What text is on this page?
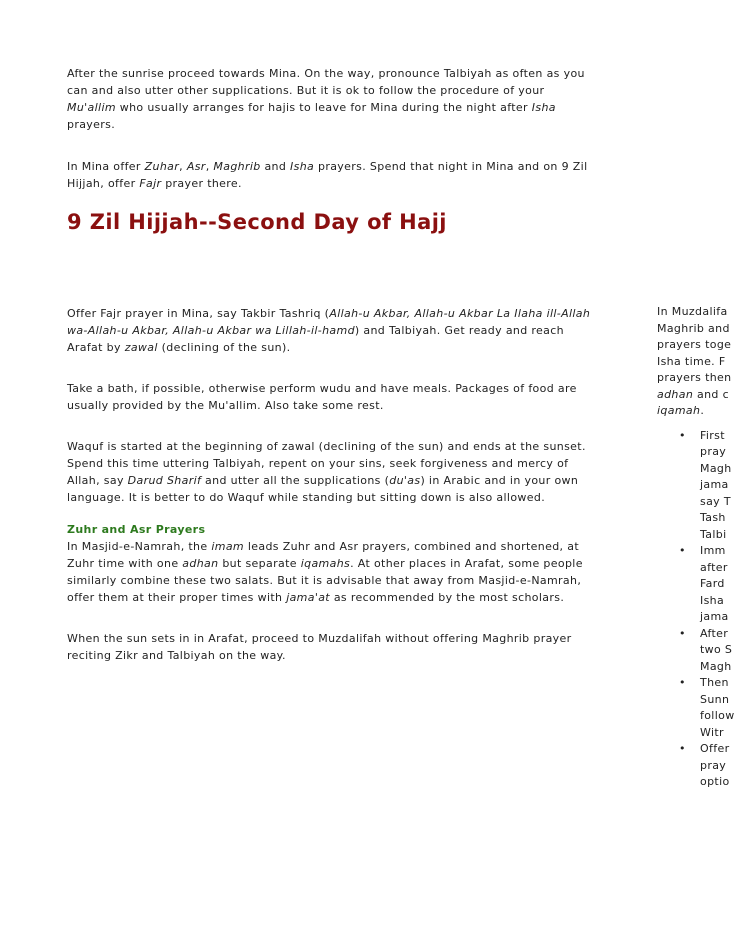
After the sunrise proceed towards Mina. On the way, pronounce Talbiyah as often as you can and also utter other supplications. But it is ok to follow the procedure of your Mu'allim who usually arranges for hajis to leave for Mina during the night after Isha prayers.

In Mina offer Zuhar, Asr, Maghrib and Isha prayers. Spend that night in Mina and on 9 Zil Hijjah, offer Fajr prayer there.

9 Zil Hijjah--Second Day of Hajj

Offer Fajr prayer in Mina, say Takbir Tashriq (Allah-u Akbar, Allah-u Akbar La Ilaha ill-Allah wa-Allah-u Akbar, Allah-u Akbar wa Lillah-il-hamd) and Talbiyah. Get ready and reach Arafat by zawal (declining of the sun).

Take a bath, if possible, otherwise perform wudu and have meals. Packages of food are usually provided by the Mu'allim. Also take some rest.

Waquf is started at the beginning of zawal (declining of the sun) and ends at the sunset. Spend this time uttering Talbiyah, repent on your sins, seek forgiveness and mercy of Allah, say Darud Sharif and utter all the supplications (du'as) in Arabic and in your own language. It is better to do Waquf while standing but sitting down is also allowed.

Zuhr and Asr Prayers

In Masjid-e-Namrah, the imam leads Zuhr and Asr prayers, combined and shortened, at Zuhr time with one adhan but separate iqamahs. At other places in Arafat, some people similarly combine these two salats. But it is advisable that away from Masjid-e-Namrah, offer them at their proper times with jama'at as recommended by the most scholars.

When the sun sets in in Arafat, proceed to Muzdalifah without offering Maghrib prayer reciting Zikr and Talbiyah on the way.

In Muzdalifa
Maghrib and
prayers toge
Isha time. F
prayers then
adhan and c
iqamah.
• First
pray
Magh
jama
say T
Tash
Talbi
• Imm
after
Fard
Isha
jama
• After
two S
Magh
• Then
Sunn
follow
Witr
• Offer
pray
optio
